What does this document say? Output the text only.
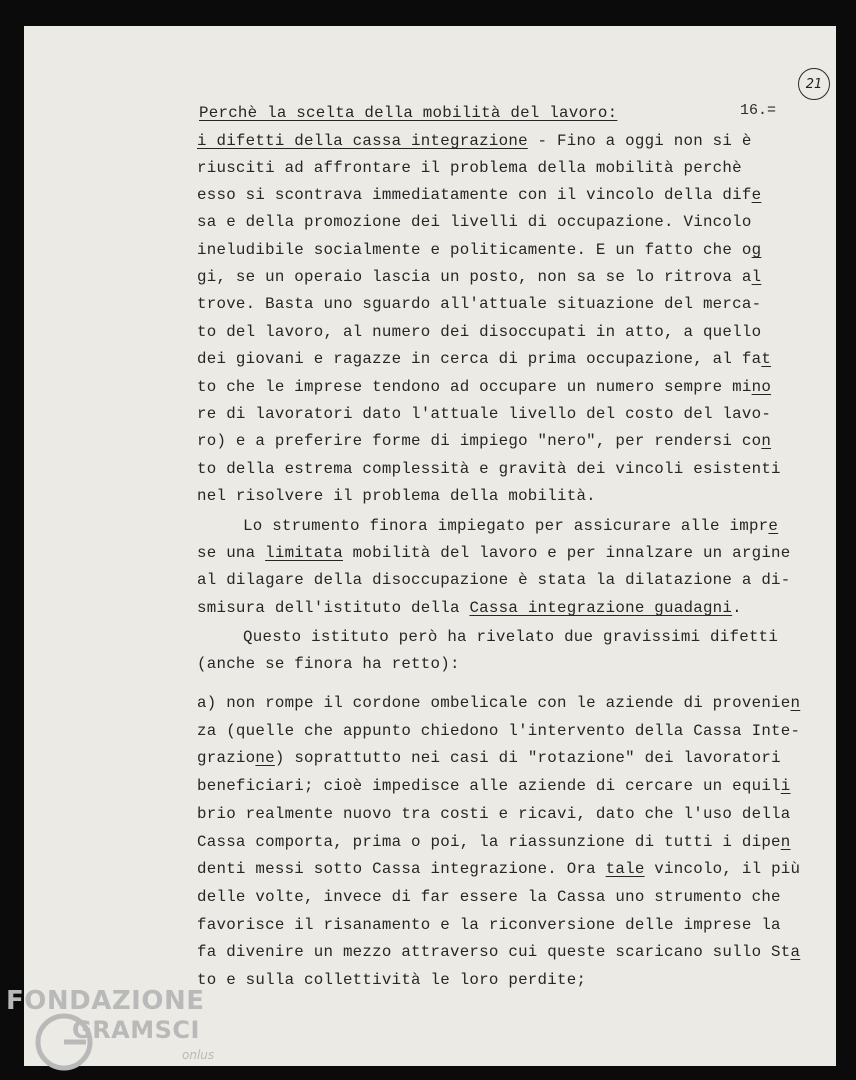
21
16.=
Perchè la scelta della mobilità del lavoro:
i difetti della cassa integrazione - Fino a oggi non si è
riusciti ad affrontare il problema della mobilità perchè
esso si scontrava immediatamente con il vincolo della dife
sa e della promozione dei livelli di occupazione. Vincolo
ineludibile socialmente e politicamente. E un fatto che og
gi, se un operaio lascia un posto, non sa se lo ritrova al
trove. Basta uno sguardo all'attuale situazione del merca-
to del lavoro, al numero dei disoccupati in atto, a quello
dei giovani e ragazze in cerca di prima occupazione, al fat
to che le imprese tendono ad occupare un numero sempre mino
re di lavoratori dato l'attuale livello del costo del lavo-
ro) e a preferire forme di impiego "nero", per rendersi con
to della estrema complessità e gravità dei vincoli esistenti
nel risolvere il problema della mobilità.
Lo strumento finora impiegato per assicurare alle impre
se una limitata mobilità del lavoro e per innalzare un argine
al dilagare della disoccupazione è stata la dilatazione a di-
smisura dell'istituto della Cassa integrazione guadagni.
Questo istituto però ha rivelato due gravissimi difetti
(anche se finora ha retto):
a) non rompe il cordone ombelicale con le aziende di provenien
za (quelle che appunto chiedono l'intervento della Cassa Inte-
grazione) soprattutto nei casi di "rotazione" dei lavoratori
beneficiari; cioè impedisce alle aziende di cercare un equili
brio realmente nuovo tra costi e ricavi, dato che l'uso della
Cassa comporta, prima o poi, la riassunzione di tutti i dipen
denti messi sotto Cassa integrazione. Ora tale vincolo, il più
delle volte, invece di far essere la Cassa uno strumento che
favorisce il risanamento e la riconversione delle imprese la
fa divenire un mezzo attraverso cui queste scaricano sullo Sta
to e sulla collettività le loro perdite;
FONDAZIONE
GRAMSCI
onlus
